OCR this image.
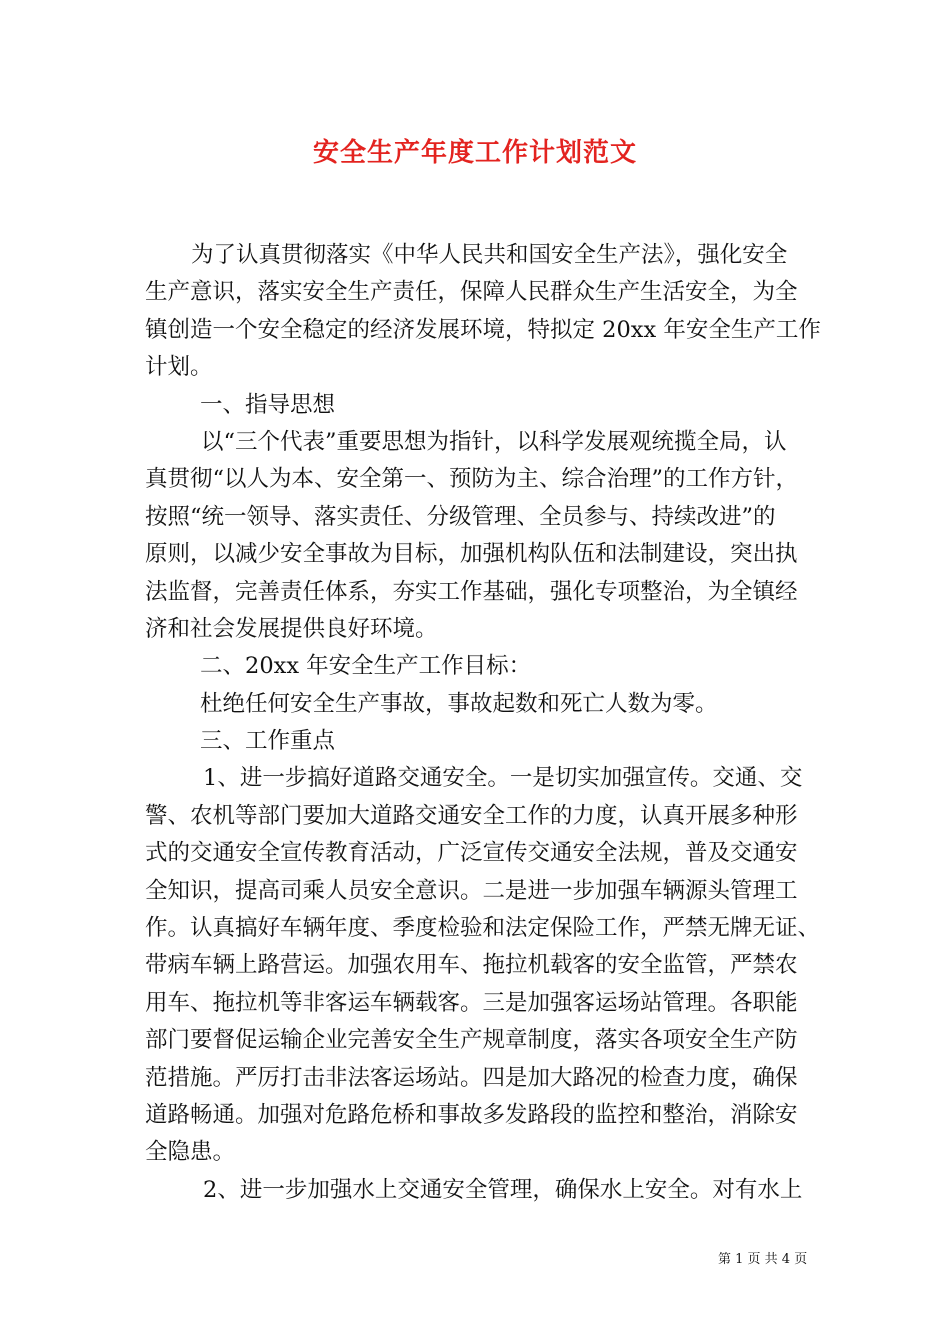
安全生产年度工作计划范文
为了认真贯彻落实《中华人民共和国安全生产法》，强化安全
生产意识，落实安全生产责任，保障人民群众生产生活安全，为全
镇创造一个安全稳定的经济发展环境，特拟定 20xx 年安全生产工作
计划。
一、指导思想
以“三个代表”重要思想为指针，以科学发展观统揽全局，认
真贯彻“以人为本、安全第一、预防为主、综合治理”的工作方针，
按照“统一领导、落实责任、分级管理、全员参与、持续改进”的
原则，以减少安全事故为目标，加强机构队伍和法制建设，突出执
法监督，完善责任体系，夯实工作基础，强化专项整治，为全镇经
济和社会发展提供良好环境。
二、20xx 年安全生产工作目标：
杜绝任何安全生产事故，事故起数和死亡人数为零。
三、工作重点
1、进一步搞好道路交通安全。一是切实加强宣传。交通、交
警、农机等部门要加大道路交通安全工作的力度，认真开展多种形
式的交通安全宣传教育活动，广泛宣传交通安全法规，普及交通安
全知识，提高司乘人员安全意识。二是进一步加强车辆源头管理工
作。认真搞好车辆年度、季度检验和法定保险工作，严禁无牌无证、
带病车辆上路营运。加强农用车、拖拉机载客的安全监管，严禁农
用车、拖拉机等非客运车辆载客。三是加强客运场站管理。各职能
部门要督促运输企业完善安全生产规章制度，落实各项安全生产防
范措施。严厉打击非法客运场站。四是加大路况的检查力度，确保
道路畅通。加强对危路危桥和事故多发路段的监控和整治，消除安
全隐患。
2、进一步加强水上交通安全管理，确保水上安全。对有水上
第 1 页 共 4 页
